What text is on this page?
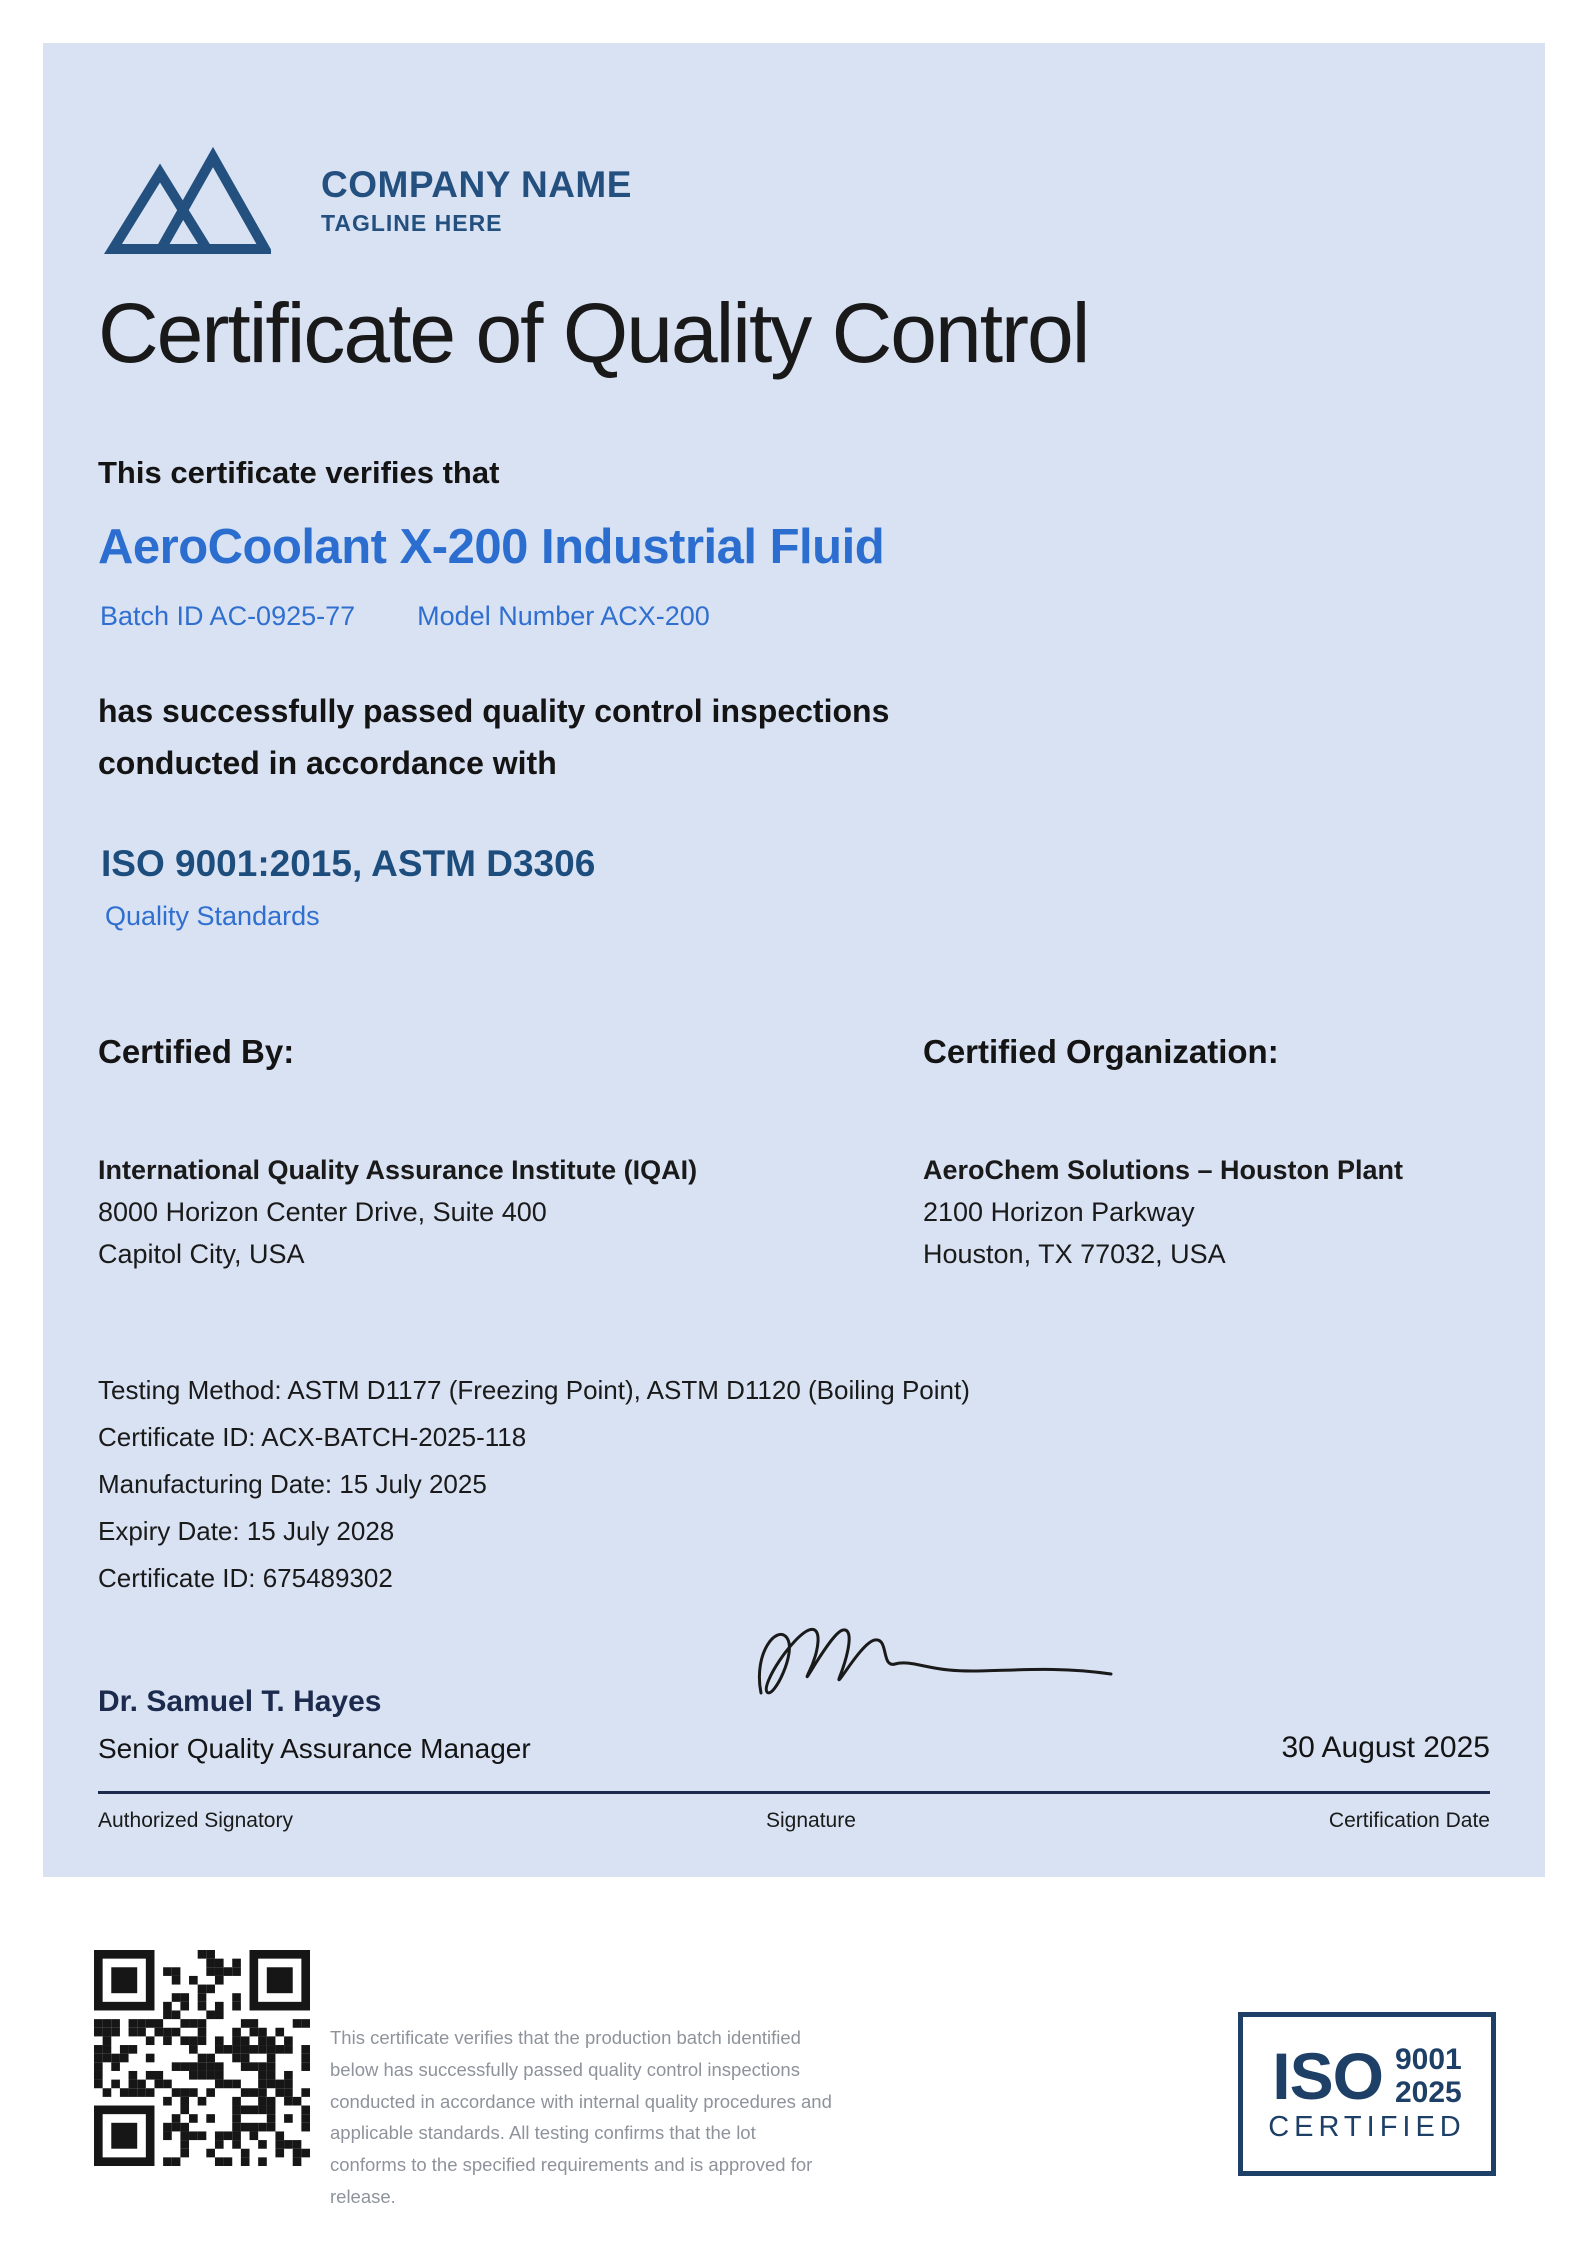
COMPANY NAME
TAGLINE HERE
Certificate of Quality Control
This certificate verifies that
AeroCoolant X-200 Industrial Fluid
Batch ID AC-0925-77 Model Number ACX-200
has successfully passed quality control inspections
conducted in accordance with
ISO 9001:2015, ASTM D3306
Quality Standards
Certified By:
International Quality Assurance Institute (IQAI)
8000 Horizon Center Drive, Suite 400
Capitol City, USA
Certified Organization:
AeroChem Solutions – Houston Plant
2100 Horizon Parkway
Houston, TX 77032, USA
Testing Method: ASTM D1177 (Freezing Point), ASTM D1120 (Boiling Point)
Certificate ID: ACX-BATCH-2025-118
Manufacturing Date: 15 July 2025
Expiry Date: 15 July 2028
Certificate ID: 675489302
Dr. Samuel T. Hayes
Senior Quality Assurance Manager	30 August 2025
Authorized Signatory	Signature	Certification Date
This certificate verifies that the production batch identified below has successfully passed quality control inspections conducted in accordance with internal quality procedures and applicable standards. All testing confirms that the lot conforms to the specified requirements and is approved for release.
ISO 9001
2025
CERTIFIED
